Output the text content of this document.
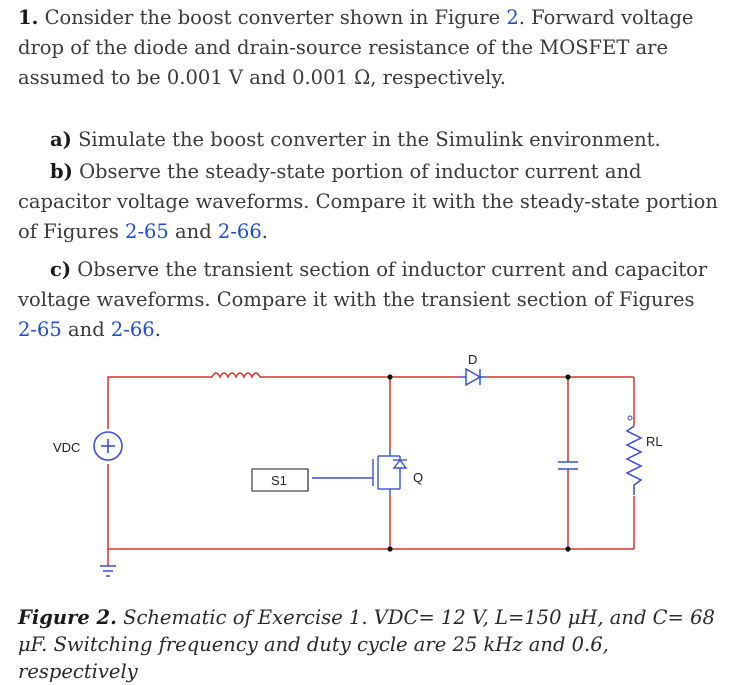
1. Consider the boost converter shown in Figure 2. Forward voltage drop of the diode and drain-source resistance of the MOSFET are assumed to be 0.001 V and 0.001 Ω, respectively.

a) Simulate the boost converter in the Simulink environment.

b) Observe the steady-state portion of inductor current and capacitor voltage waveforms. Compare it with the steady-state portion of Figures 2-65 and 2-66.

c) Observe the transient section of inductor current and capacitor voltage waveforms. Compare it with the transient section of Figures 2-65 and 2-66.

VDC
D
Q
S1
RL

Figure 2. Schematic of Exercise 1. VDC= 12 V, L=150 μH, and C= 68 μF. Switching frequency and duty cycle are 25 kHz and 0.6, respectively
